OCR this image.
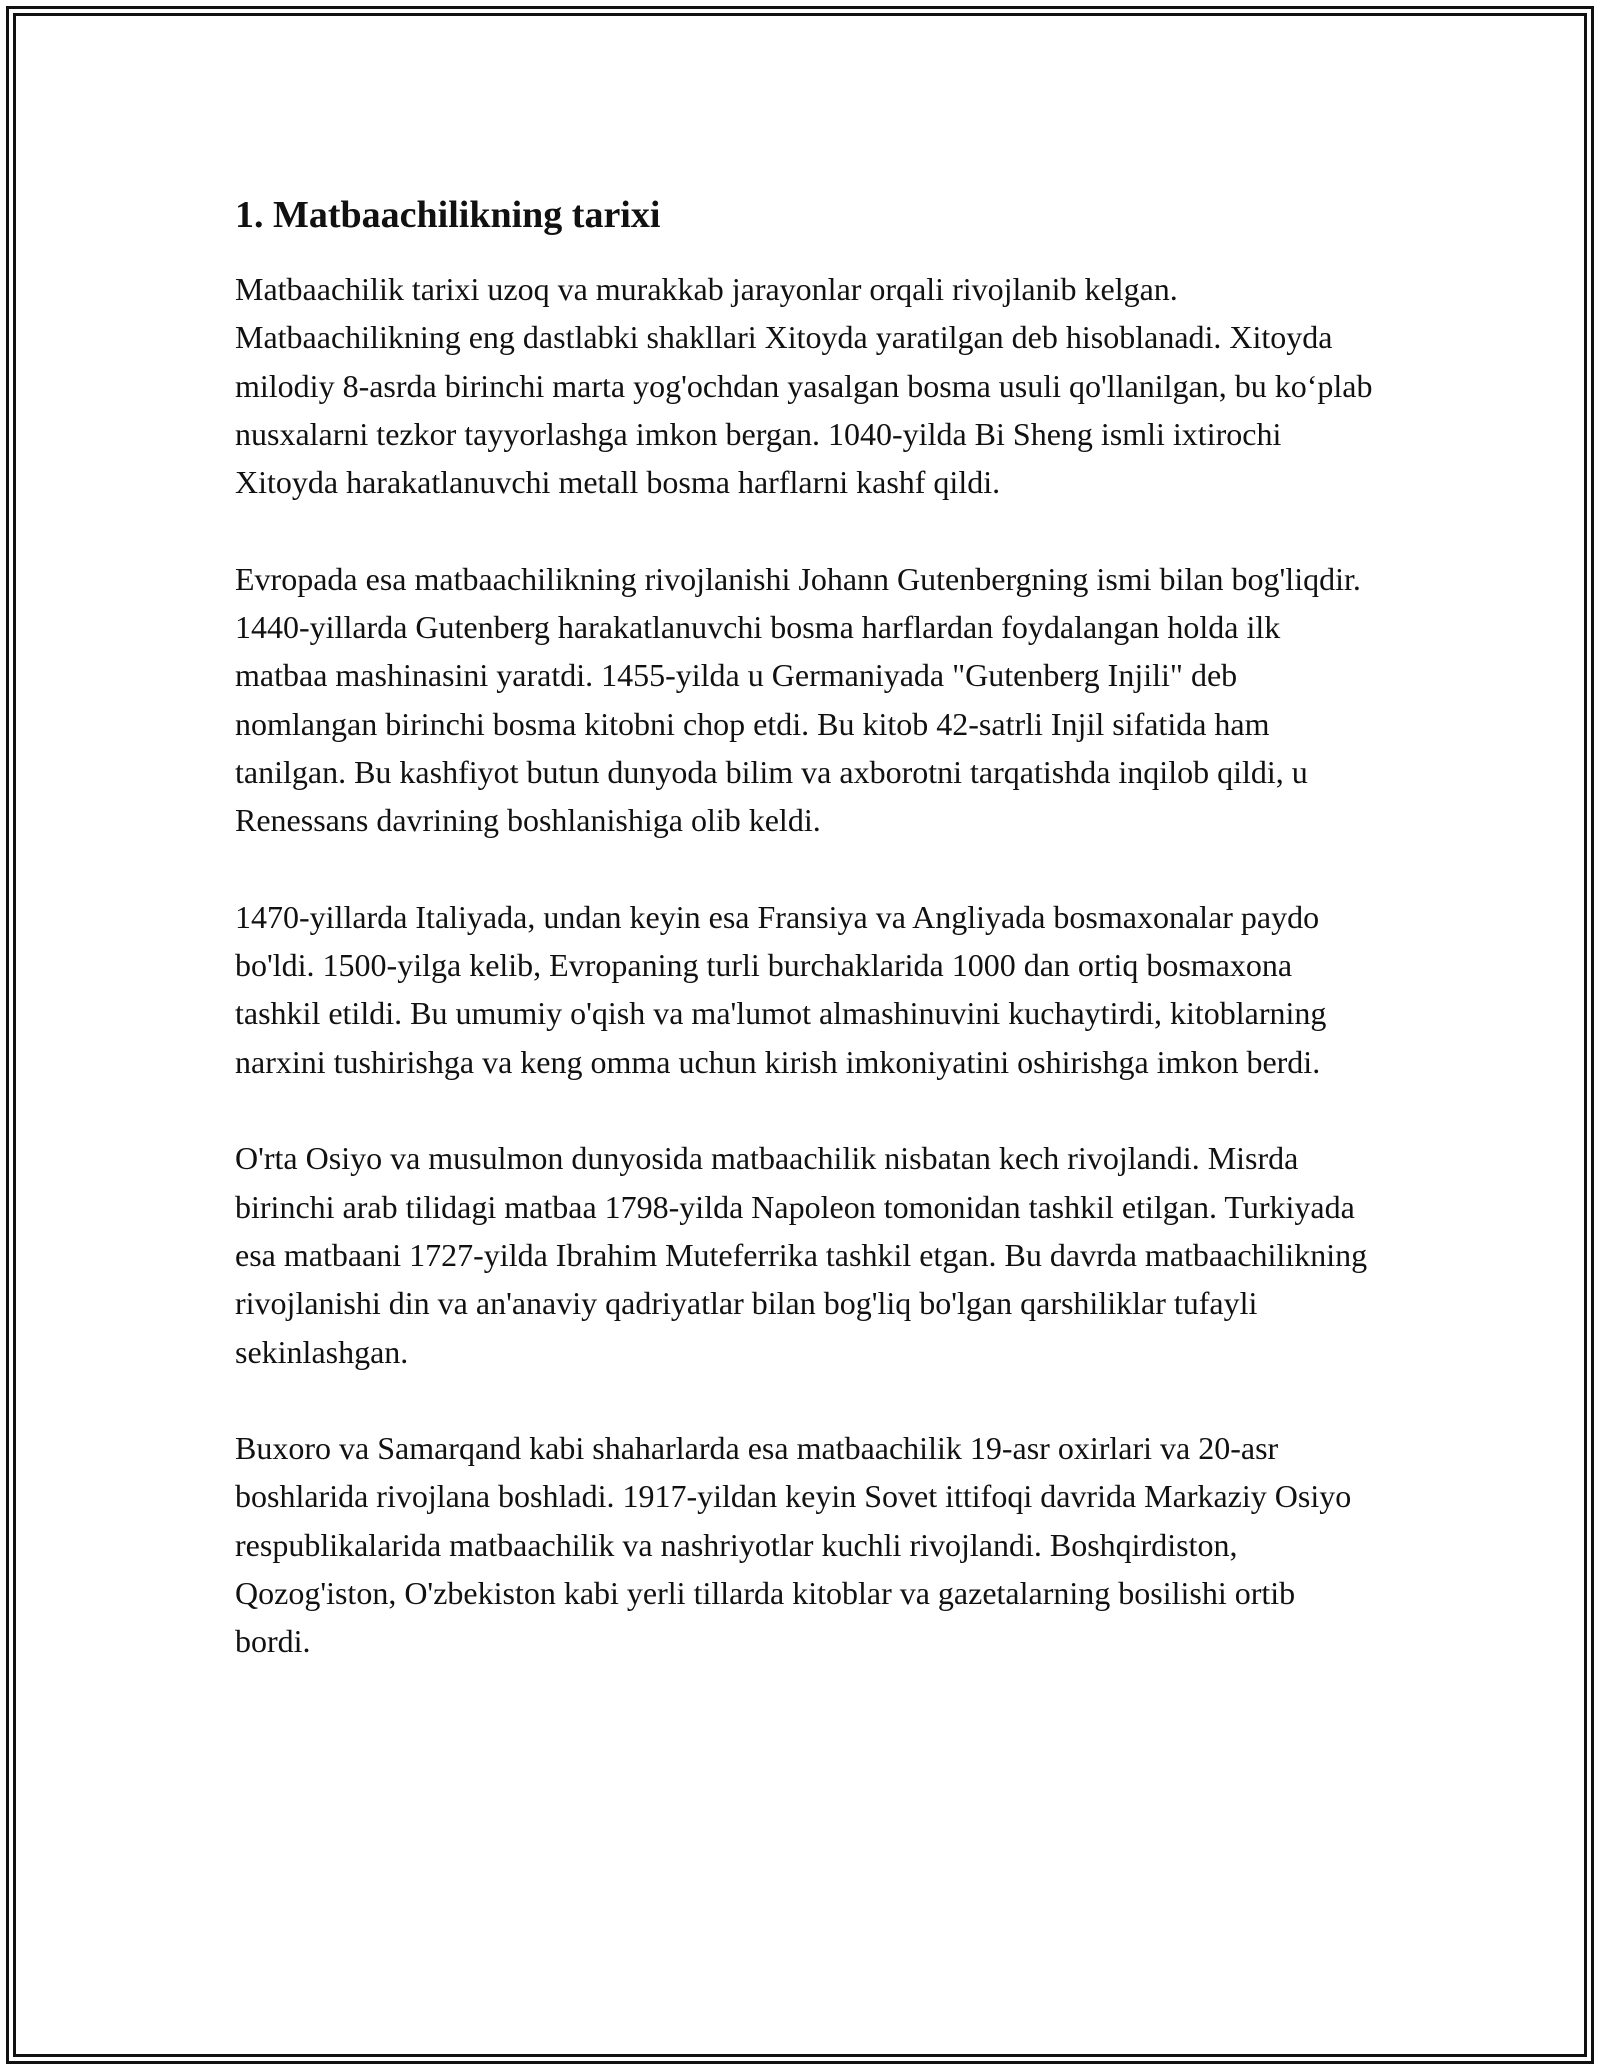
1. Matbaachilikning tarixi

Matbaachilik tarixi uzoq va murakkab jarayonlar orqali rivojlanib kelgan. Matbaachilikning eng dastlabki shakllari Xitoyda yaratilgan deb hisoblanadi. Xitoyda milodiy 8-asrda birinchi marta yog'ochdan yasalgan bosma usuli qo'llanilgan, bu ko‘plab nusxalarni tezkor tayyorlashga imkon bergan. 1040-yilda Bi Sheng ismli ixtirochi Xitoyda harakatlanuvchi metall bosma harflarni kashf qildi.

Evropada esa matbaachilikning rivojlanishi Johann Gutenbergning ismi bilan bog'liqdir. 1440-yillarda Gutenberg harakatlanuvchi bosma harflardan foydalangan holda ilk matbaa mashinasini yaratdi. 1455-yilda u Germaniyada "Gutenberg Injili" deb nomlangan birinchi bosma kitobni chop etdi. Bu kitob 42-satrli Injil sifatida ham tanilgan. Bu kashfiyot butun dunyoda bilim va axborotni tarqatishda inqilob qildi, u Renessans davrining boshlanishiga olib keldi.

1470-yillarda Italiyada, undan keyin esa Fransiya va Angliyada bosmaxonalar paydo bo'ldi. 1500-yilga kelib, Evropaning turli burchaklarida 1000 dan ortiq bosmaxona tashkil etildi. Bu umumiy o'qish va ma'lumot almashinuvini kuchaytirdi, kitoblarning narxini tushirishga va keng omma uchun kirish imkoniyatini oshirishga imkon berdi.

O'rta Osiyo va musulmon dunyosida matbaachilik nisbatan kech rivojlandi. Misrda birinchi arab tilidagi matbaa 1798-yilda Napoleon tomonidan tashkil etilgan. Turkiyada esa matbaani 1727-yilda Ibrahim Muteferrika tashkil etgan. Bu davrda matbaachilikning rivojlanishi din va an'anaviy qadriyatlar bilan bog'liq bo'lgan qarshiliklar tufayli sekinlashgan.

Buxoro va Samarqand kabi shaharlarda esa matbaachilik 19-asr oxirlari va 20-asr boshlarida rivojlana boshladi. 1917-yildan keyin Sovet ittifoqi davrida Markaziy Osiyo respublikalarida matbaachilik va nashriyotlar kuchli rivojlandi. Boshqirdiston, Qozog'iston, O'zbekiston kabi yerli tillarda kitoblar va gazetalarning bosilishi ortib bordi.
